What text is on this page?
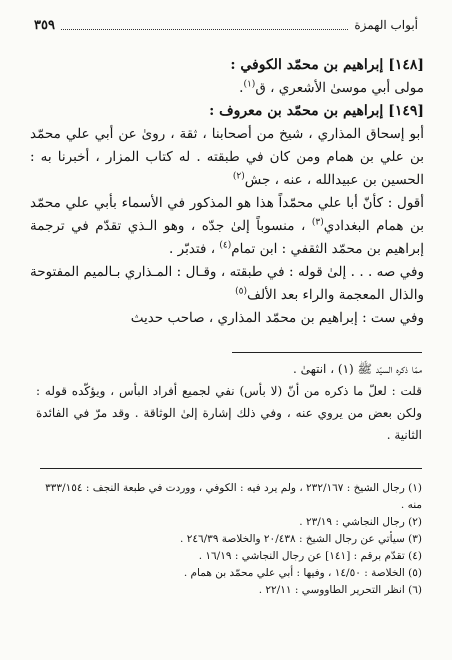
أبواب الهمزة
٣٥٩

[١٤٨] إبراهيم بن محمّد الكوفي :

مولى أبي موسىٰ الأشعري ، ق$^{(١)}$.

[١٤٩] إبراهيم بن محمّد بن معروف :

أبو إسحاق المذاري ، شيخ من أصحابنا ، ثقة ، روىٰ عن أبي علي محمّد بن علي بن همام ومن كان في طبقته . له كتاب المزار ، أخبرنا به : الحسين بن عبيدالله ، عنه ، جش$^{(٢)}$

أقول : كأنّ أبا علي محمّداً هذا هو المذكور في الأسماء بأبي علي محمّد بن همام البغدادي$^{(٣)}$ ، منسوباً إلىٰ جدّه ، وهو الـذي تقدّم في ترجمة إبراهيم بن محمّد الثقفي : ابن تمام$^{(٤)}$ ، فتدبّر .

وفي صه . . . إلىٰ قوله : في طبقته ، وقـال : المـذاري بـالميم المفتوحة والذال المعجمة والراء بعد الألف$^{(٥)}$

وفي ست : إبراهيم بن محمّد المذاري ، صاحب حديث

ممّا ذكره السيّد ﷺ (١) ، انتهىٰ .

قلت : لعلّ ما ذكره من أنّ (لا بأس) نفي لجميع أفراد البأس ، ويؤكّده قوله : ولكن بعض من يروي عنه ، وفي ذلك إشارة إلىٰ الوثاقة . وقد مرّ في الفائدة الثانية .

(١) رجال الشيخ : ٢٣٢/١٦٧ ، ولم يرد فيه : الكوفي ، ووردت في طبعة النجف : ٣٣٣/١٥٤ منه .

(٢) رجال النجاشي : ٢٣/١٩ .

(٣) سيأتي عن رجال الشيخ : ٢٠/٤٣٨ والخلاصة ٢٤٦/٣٩ .

(٤) تقدّم برقم : [١٤١] عن رجال النجاشي : ١٦/١٩ .

(٥) الخلاصة : ١٤/٥٠ ، وفيها : أبي علي محمّد بن همام .

(٦) انظر التحرير الطاووسي : ٢٢/١١ .
